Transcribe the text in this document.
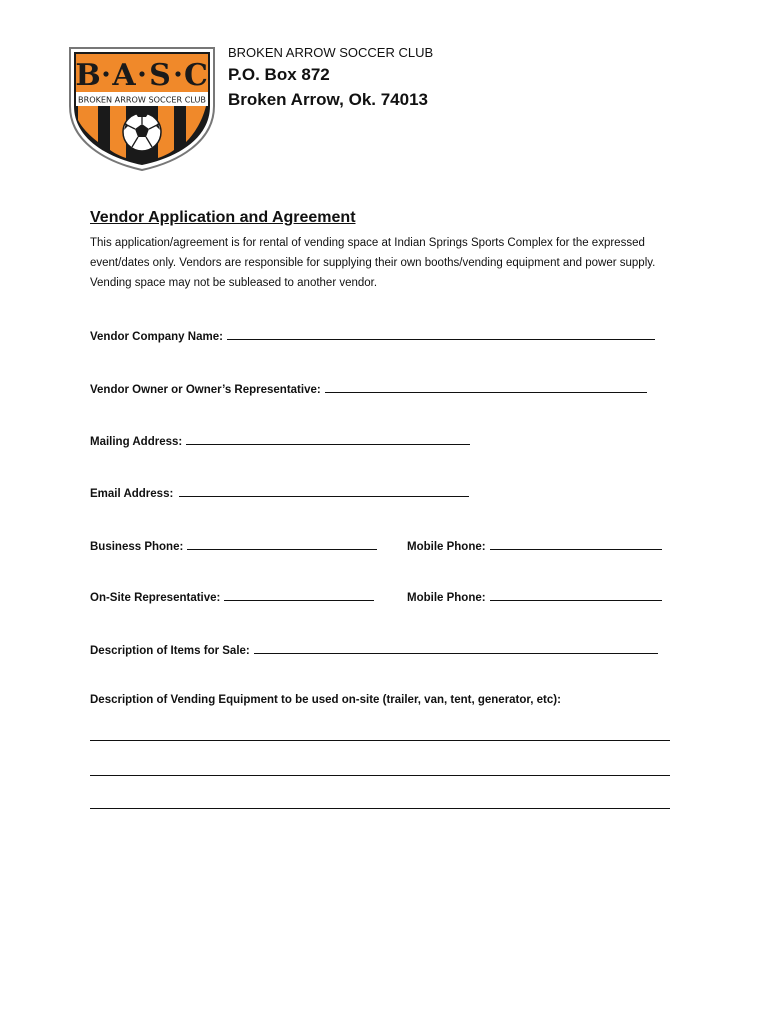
B A S C
BROKEN ARROW SOCCER CLUB
BROKEN ARROW SOCCER CLUB
P.O. Box 872
Broken Arrow, Ok. 74013
Vendor Application and Agreement

This application/agreement is for rental of vending space at Indian Springs Sports Complex for the expressed event/dates only. Vendors are responsible for supplying their own booths/vending equipment and power supply. Vending space may not be subleased to another vendor.

Vendor Company Name:
Vendor Owner or Owner’s Representative:
Mailing Address:
Email Address:
Business Phone:	Mobile Phone:
On-Site Representative:	Mobile Phone:
Description of Items for Sale:
Description of Vending Equipment to be used on-site (trailer, van, tent, generator, etc):
